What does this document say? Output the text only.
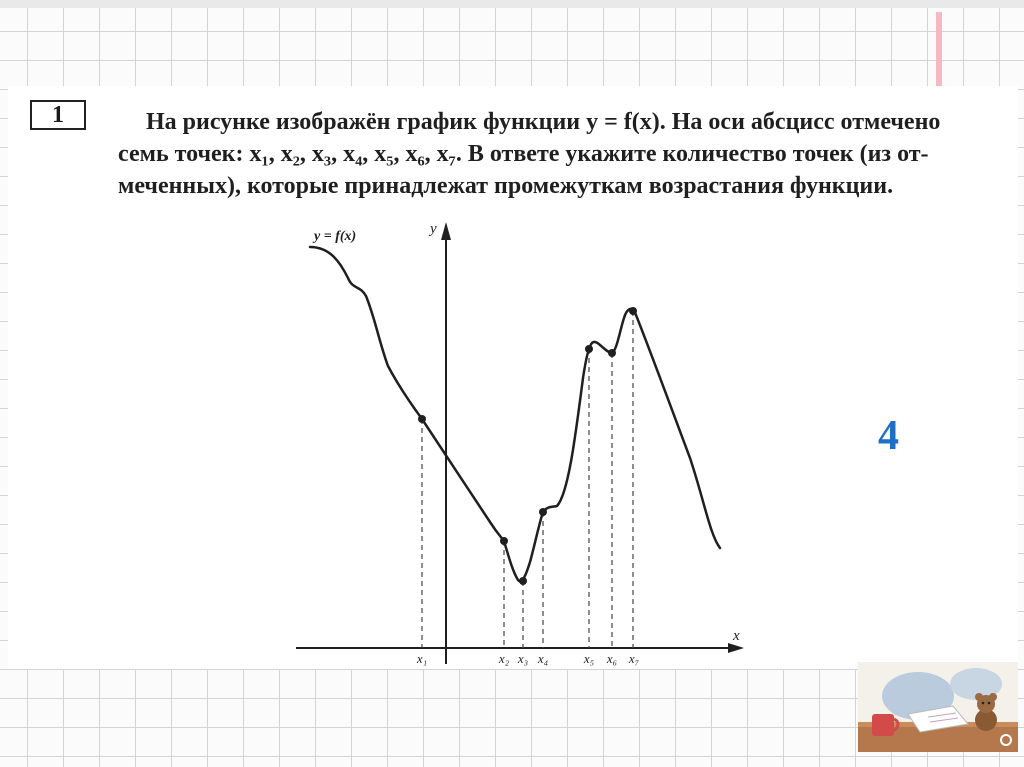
1	На рисунке изображён график функции y = f(x). На оси абсцисс отмечено
семь точек: x₁, x₂, x₃, x₄, x₅, x₆, x₇. В ответе укажите количество точек (из от-
меченных), которые принадлежат промежуткам возрастания функции.

x
y
y = f(x)
x₁	x₂ x₃ x₄	x₅ x₆ x₇
4
